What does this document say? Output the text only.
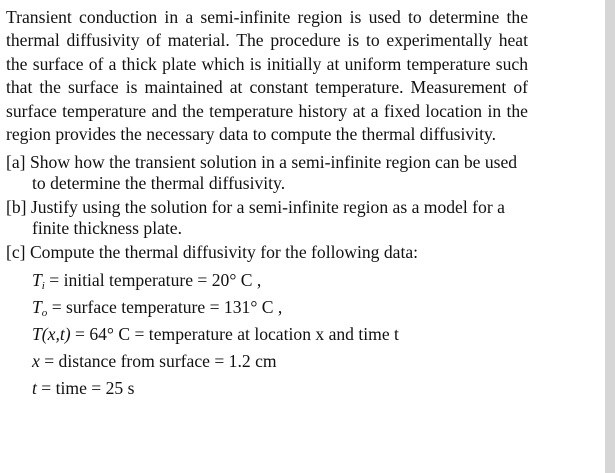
Transient conduction in a semi-infinite region is used to determine the thermal diffusivity of material. The procedure is to experimentally heat the surface of a thick plate which is initially at uniform temperature such that the surface is maintained at constant temperature. Measurement of surface temperature and the temperature history at a fixed location in the region provides the necessary data to compute the thermal diffusivity.

[a] Show how the transient solution in a semi-infinite region can be used to determine the thermal diffusivity.

[b] Justify using the solution for a semi-infinite region as a model for a finite thickness plate.

[c] Compute the thermal diffusivity for the following data:

$T_i$ = initial temperature = 20° C ,
$T_o$ = surface temperature = 131° C ,
T(x,t) = 64° C = temperature at location x and time t
x = distance from surface = 1.2 cm
t = time = 25 s
